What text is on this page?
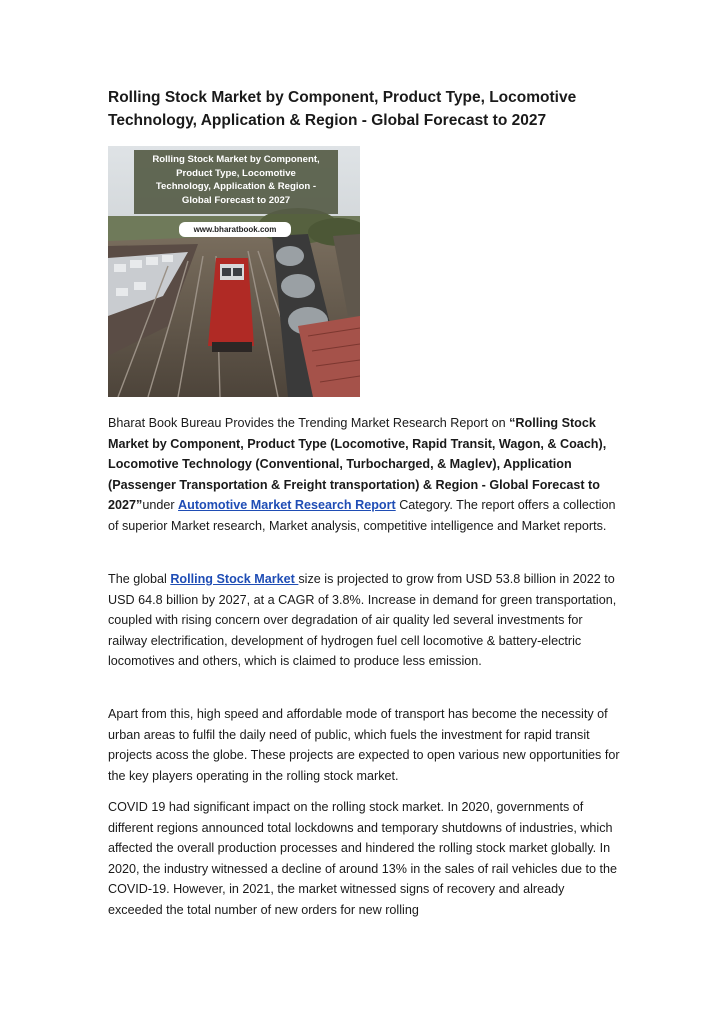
Rolling Stock Market by Component, Product Type, Locomotive
Technology, Application & Region - Global Forecast to 2027
Rolling Stock Market by Component,
Product Type, Locomotive
Technology, Application & Region -
Global Forecast to 2027
www.bharatbook.com

Bharat Book Bureau Provides the Trending Market Research Report on “Rolling Stock Market by Component, Product Type (Locomotive, Rapid Transit, Wagon, & Coach), Locomotive Technology (Conventional, Turbocharged, & Maglev), Application (Passenger Transportation & Freight transportation) & Region - Global Forecast to 2027”under Automotive Market Research Report Category. The report offers a collection of superior Market research, Market analysis, competitive intelligence and Market reports.

The global Rolling Stock Market size is projected to grow from USD 53.8 billion in 2022 to USD 64.8 billion by 2027, at a CAGR of 3.8%. Increase in demand for green transportation, coupled with rising concern over degradation of air quality led several investments for railway electrification, development of hydrogen fuel cell locomotive & battery-electric locomotives and others, which is claimed to produce less emission.

Apart from this, high speed and affordable mode of transport has become the necessity of urban areas to fulfil the daily need of public, which fuels the investment for rapid transit projects acoss the globe. These projects are expected to open various new opportunities for the key players operating in the rolling stock market.

COVID 19 had significant impact on the rolling stock market. In 2020, governments of different regions announced total lockdowns and temporary shutdowns of industries, which affected the overall production processes and hindered the rolling stock market globally. In 2020, the industry witnessed a decline of around 13% in the sales of rail vehicles due to the COVID-19. However, in 2021, the market witnessed signs of recovery and already exceeded the total number of new orders for new rolling
